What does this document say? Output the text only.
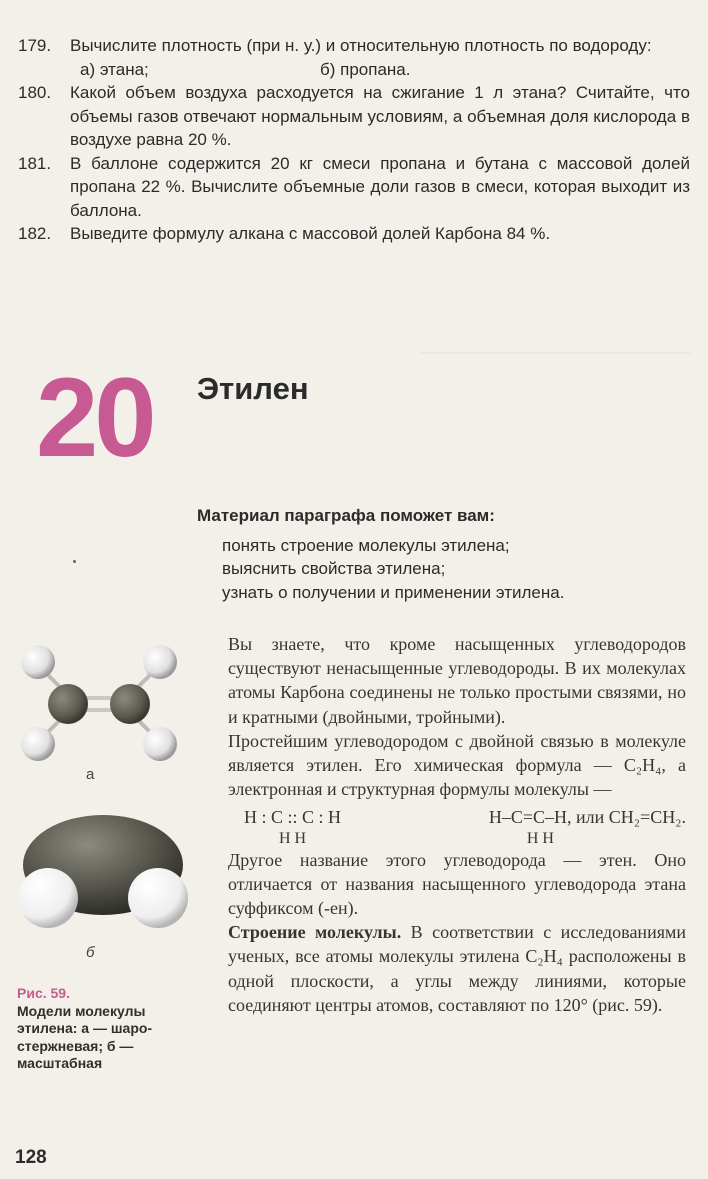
179.	Вычислите плотность (при н. у.) и относительную плотность по водороду:
а) этана;	б) пропана.
180.	Какой объем воздуха расходуется на сжигание 1 л этана? Считайте, что объемы газов отвечают нормальным условиям, а объемная доля кислорода в воздухе равна 20 %.
181.	В баллоне содержится 20 кг смеси пропана и бутана с массовой долей пропана 22 %. Вычислите объемные доли газов в смеси, которая выходит из баллона.
182.	Выведите формулу алкана с массовой долей Карбона 84 %.
20 Этилен
Материал параграфа поможет вам:
понять строение молекулы этилена;
выяснить свойства этилена;
узнать о получении и применении этилена.
а
б
Рис. 59.
Модели молекулы этилена: а — шаро-стержневая; б — масштабная

Вы знаете, что кроме насыщенных углеводородов существуют ненасыщенные углеводороды. В их молекулах атомы Карбона соединены не только простыми связями, но и кратными (двойными, тройными).

Простейшим углеводородом с двойной связью в молекуле является этилен. Его химическая формула — C₂H₄, а электронная и структурная формулы молекулы —

H : C :: C : H
H H
H–C=C–H, или CH₂=CH₂.
H H

Другое название этого углеводорода — этен. Оно отличается от названия насыщенного углеводорода этана суффиксом (-ен).

Строение молекулы. В соответствии с исследованиями ученых, все атомы молекулы этилена C₂H₄ расположены в одной плоскости, а углы между линиями, которые соединяют центры атомов, составляют по 120° (рис. 59).

128
